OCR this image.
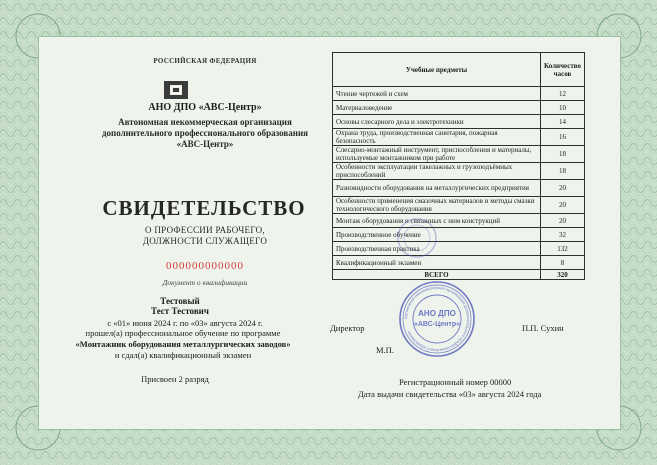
РОССИЙСКАЯ ФЕДЕРАЦИЯ
АНО ДПО «АВС-Центр»
Автономная некоммерческая организация
дополнительного профессионального образования
«АВС-Центр»
СВИДЕТЕЛЬСТВО
О ПРОФЕССИИ РАБОЧЕГО,
ДОЛЖНОСТИ СЛУЖАЩЕГО
000000000000
Документ о квалификации
Тестовый
Тест Тестович
с «01» июня 2024 г. по «03» августа 2024 г.
прошел(а) профессиональное обучение по программе
«Монтажник оборудования металлургических заводов»
и сдал(а) квалификационный экзамен
Присвоен 2 разряд
Учебные предметы	Количество часов
Чтение чертежей и схем	12
Материаловедение	10
Основы слесарного дела и электротехники	14
Охрана труда, производственная санитария, пожарная безопасность	16
Слесарно-монтажный инструмент, приспособления и материалы, используемые монтажником при работе	18
Особенности эксплуатации такелажных и грузоподъёмных приспособлений	18
Разновидности оборудования на металлургических предприятия	20
Особенности применения смазочных материалов и методы смазки технологического оборудования	20
Монтаж оборудования и связанных с ним конструкций	20
Производственное обучение	32
Производственная практика	132
Квалификационный экзамен	8
ВСЕГО	320
Директор	П.П. Сухин
М.П.
Автономная некоммерческая организация дополнительного профессионального образования
АНО ДПО
«АВС-Центр»
Регистрационный номер 00000
Дата выдачи свидетельства «03» августа 2024 года
